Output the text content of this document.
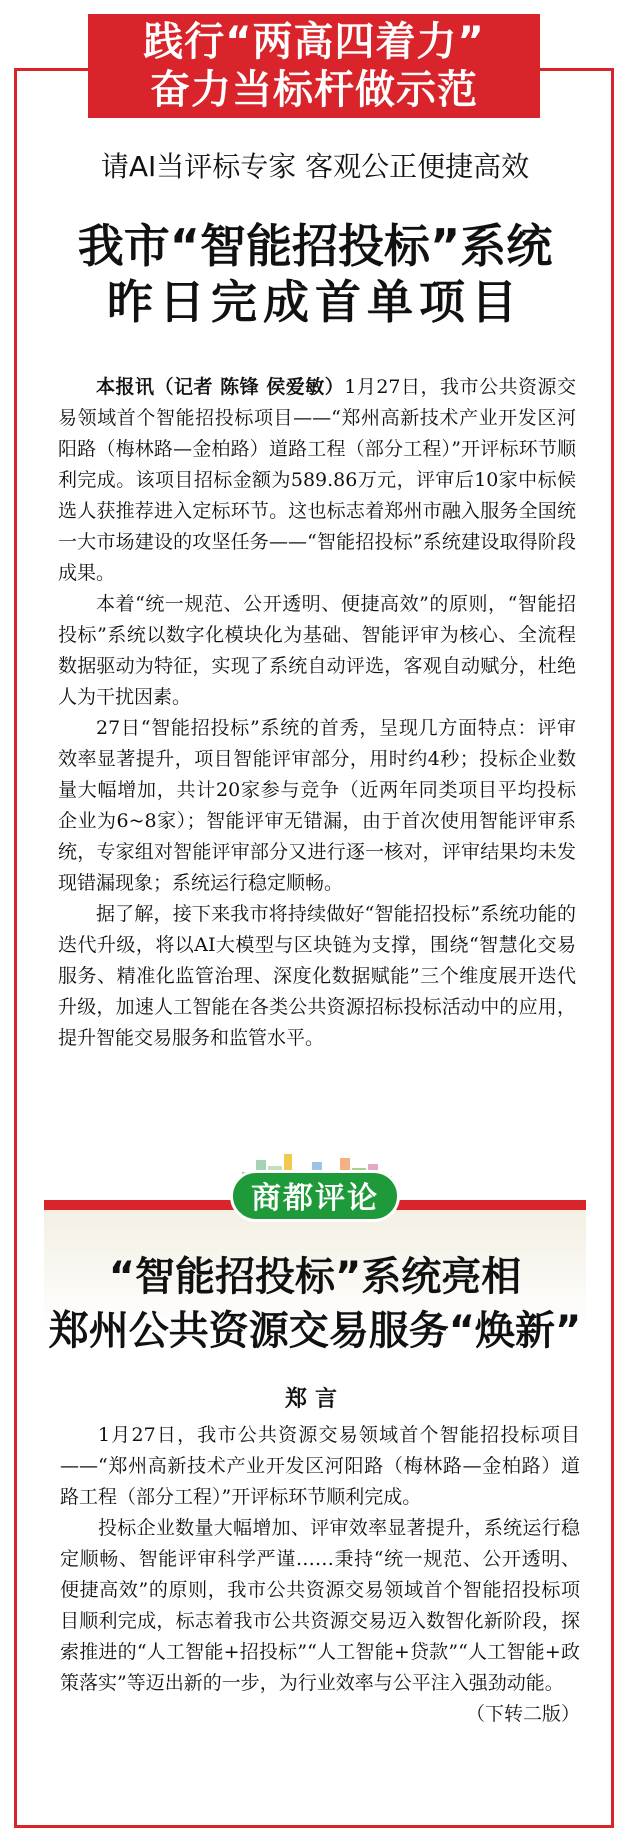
践行“两高四着力”
奋力当标杆做示范
请AI当评标专家 客观公正便捷高效
我市“智能招投标”系统
昨日完成首单项目

本报讯（记者 陈锋 侯爱敏）1月27日，我市公共资源交易领域首个智能招投标项目——“郑州高新技术产业开发区河阳路（梅林路—金柏路）道路工程（部分工程）”开评标环节顺利完成。该项目招标金额为589.86万元，评审后10家中标候选人获推荐进入定标环节。这也标志着郑州市融入服务全国统一大市场建设的攻坚任务——“智能招投标”系统建设取得阶段成果。

本着“统一规范、公开透明、便捷高效”的原则，“智能招投标”系统以数字化模块化为基础、智能评审为核心、全流程数据驱动为特征，实现了系统自动评选，客观自动赋分，杜绝人为干扰因素。

27日“智能招投标”系统的首秀，呈现几方面特点：评审效率显著提升，项目智能评审部分，用时约4秒；投标企业数量大幅增加，共计20家参与竞争（近两年同类项目平均投标企业为6~8家）；智能评审无错漏，由于首次使用智能评审系统，专家组对智能评审部分又进行逐一核对，评审结果均未发现错漏现象；系统运行稳定顺畅。

据了解，接下来我市将持续做好“智能招投标”系统功能的迭代升级，将以AI大模型与区块链为支撑，围绕“智慧化交易服务、精准化监管治理、深度化数据赋能”三个维度展开迭代升级，加速人工智能在各类公共资源招标投标活动中的应用，提升智能交易服务和监管水平。

商都评论
“智能招投标”系统亮相
郑州公共资源交易服务“焕新”
郑言

1月27日，我市公共资源交易领域首个智能招投标项目——“郑州高新技术产业开发区河阳路（梅林路—金柏路）道路工程（部分工程）”开评标环节顺利完成。

投标企业数量大幅增加、评审效率显著提升，系统运行稳定顺畅、智能评审科学严谨……秉持“统一规范、公开透明、便捷高效”的原则，我市公共资源交易领域首个智能招投标项目顺利完成，标志着我市公共资源交易迈入数智化新阶段，探索推进的“人工智能+招投标”“人工智能+贷款”“人工智能+政策落实”等迈出新的一步，为行业效率与公平注入强劲动能。
（下转二版）
